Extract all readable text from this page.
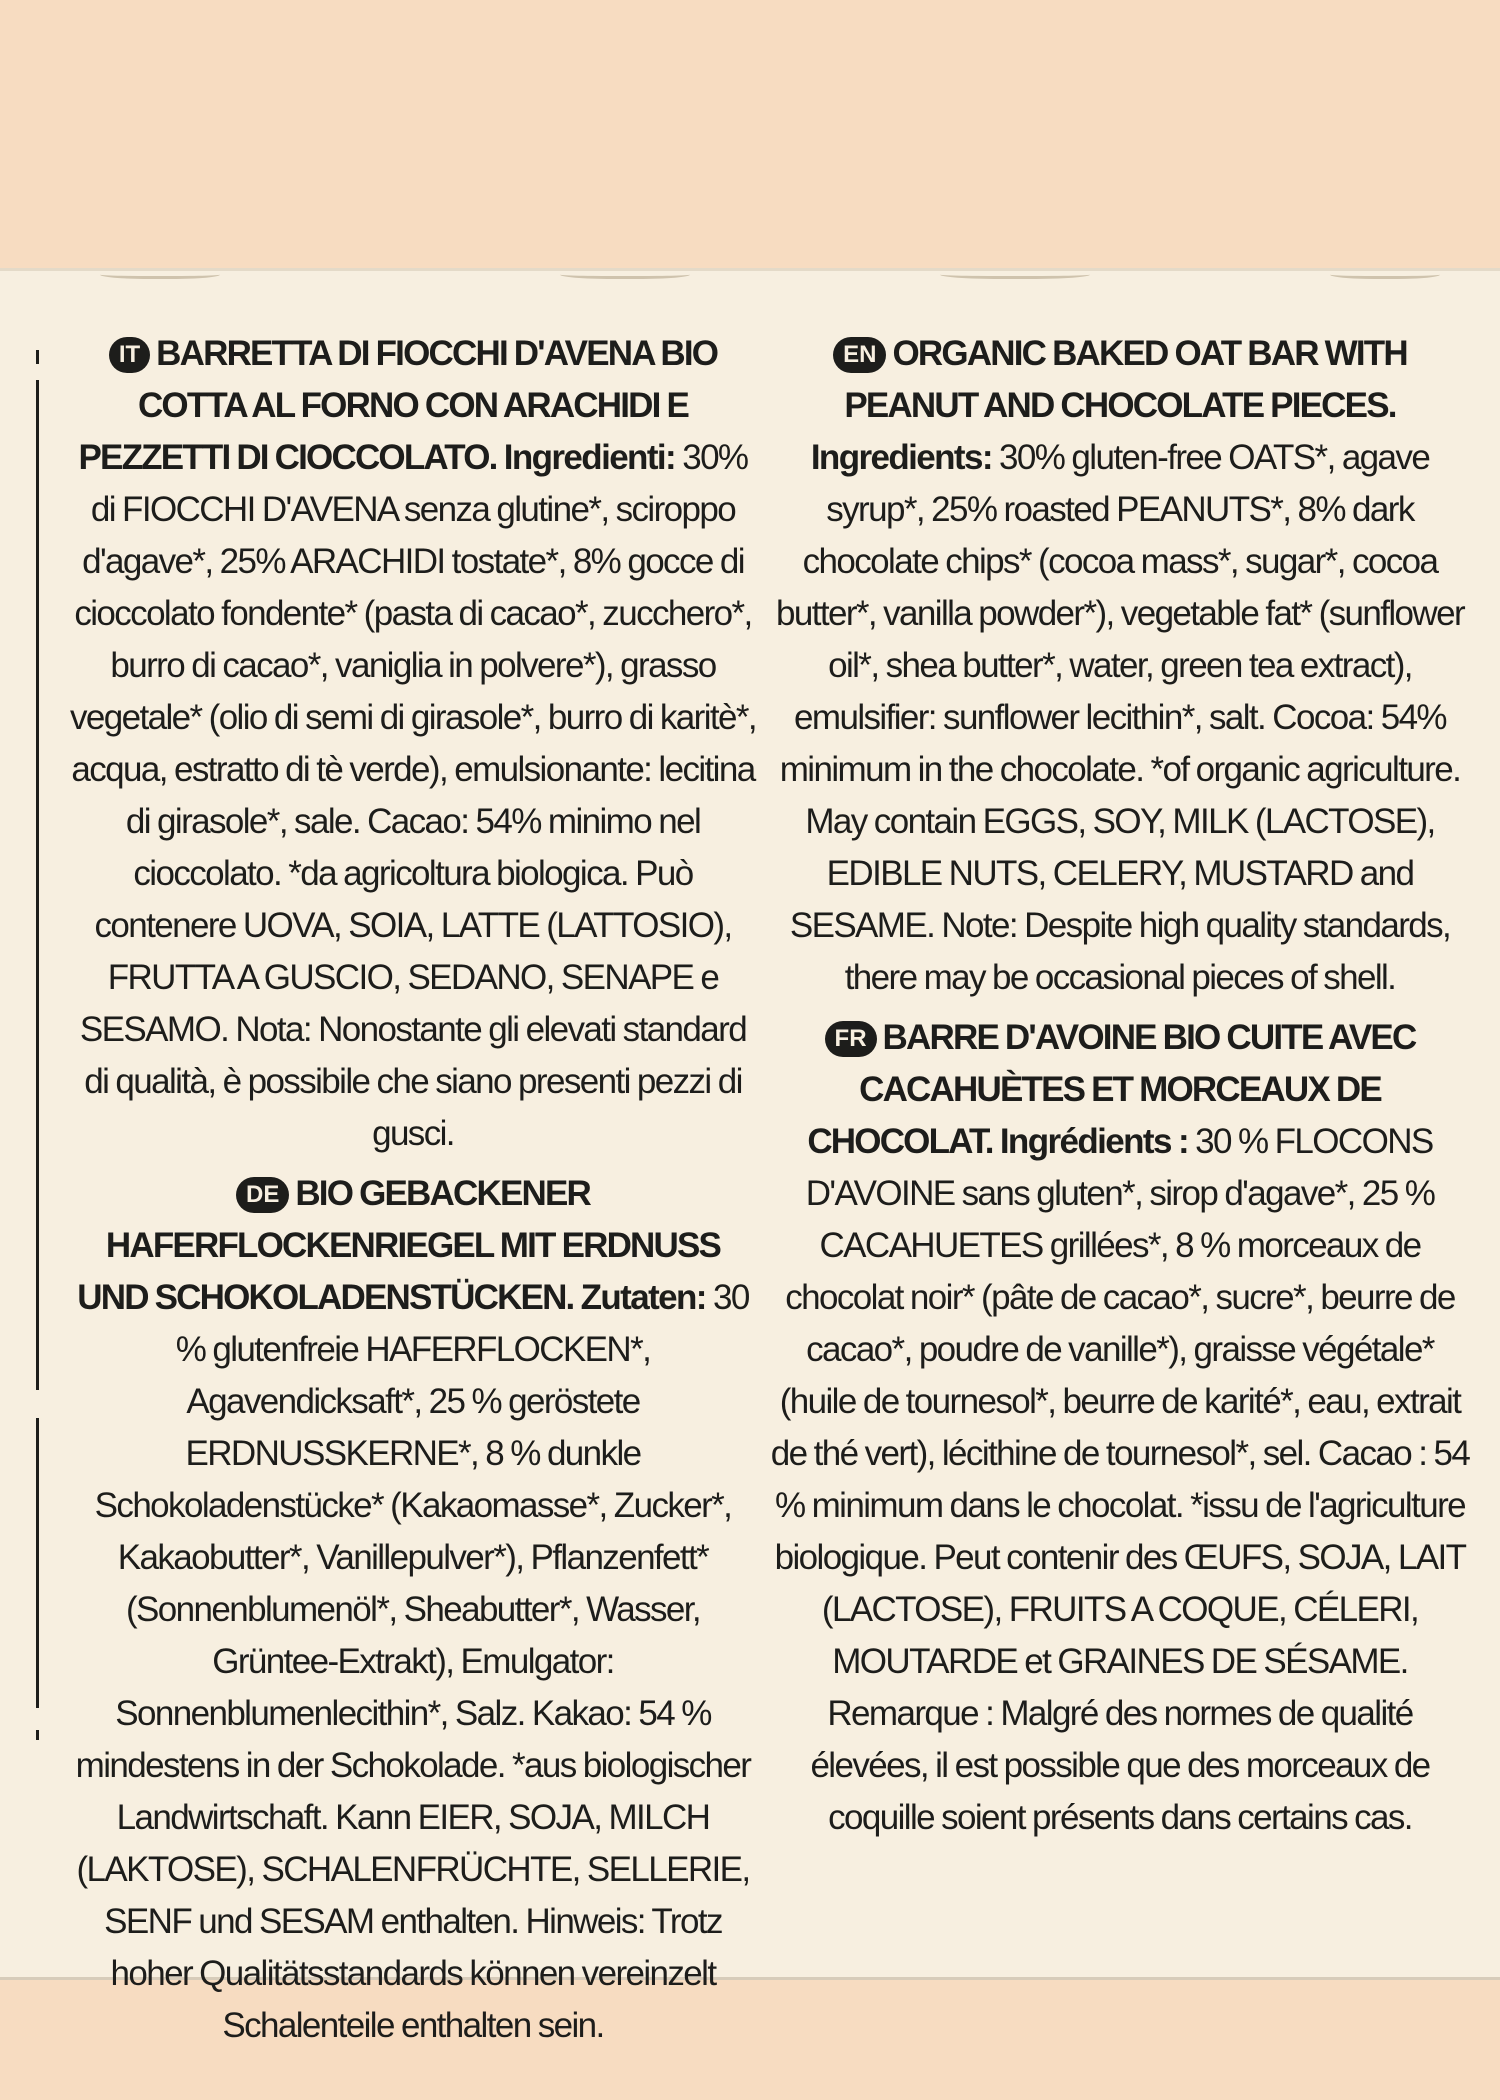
IT BARRETTA DI FIOCCHI D'AVENA BIO COTTA AL FORNO CON ARACHIDI E PEZZETTI DI CIOCCOLATO. Ingredienti: 30% di FIOCCHI D'AVENA senza glutine*, sciroppo d'agave*, 25% ARACHIDI tostate*, 8% gocce di cioccolato fondente* (pasta di cacao*, zucchero*, burro di cacao*, vaniglia in polvere*), grasso vegetale* (olio di semi di girasole*, burro di karitè*, acqua, estratto di tè verde), emulsionante: lecitina di girasole*, sale. Cacao: 54% minimo nel cioccolato. *da agricoltura biologica. Può contenere UOVA, SOIA, LATTE (LATTOSIO), FRUTTA A GUSCIO, SEDANO, SENAPE e SESAMO. Nota: Nonostante gli elevati standard di qualità, è possibile che siano presenti pezzi di gusci.

DE BIO GEBACKENER HAFERFLOCKENRIEGEL MIT ERDNUSS UND SCHOKOLADENSTÜCKEN. Zutaten: 30 % glutenfreie HAFERFLOCKEN*, Agavendicksaft*, 25 % geröstete ERDNUSSKERNE*, 8 % dunkle Schokoladenstücke* (Kakaomasse*, Zucker*, Kakaobutter*, Vanillepulver*), Pflanzenfett* (Sonnenblumenöl*, Sheabutter*, Wasser, Grüntee-Extrakt), Emulgator: Sonnenblumenlecithin*, Salz. Kakao: 54 % mindestens in der Schokolade. *aus biologischer Landwirtschaft. Kann EIER, SOJA, MILCH (LAKTOSE), SCHALENFRÜCHTE, SELLERIE, SENF und SESAM enthalten. Hinweis: Trotz hoher Qualitätsstandards können vereinzelt Schalenteile enthalten sein.

EN ORGANIC BAKED OAT BAR WITH PEANUT AND CHOCOLATE PIECES. Ingredients: 30% gluten-free OATS*, agave syrup*, 25% roasted PEANUTS*, 8% dark chocolate chips* (cocoa mass*, sugar*, cocoa butter*, vanilla powder*), vegetable fat* (sunflower oil*, shea butter*, water, green tea extract), emulsifier: sunflower lecithin*, salt. Cocoa: 54% minimum in the chocolate. *of organic agriculture. May contain EGGS, SOY, MILK (LACTOSE), EDIBLE NUTS, CELERY, MUSTARD and SESAME. Note: Despite high quality standards, there may be occasional pieces of shell.

FR BARRE D'AVOINE BIO CUITE AVEC CACAHUÈTES ET MORCEAUX DE CHOCOLAT. Ingrédients : 30 % FLOCONS D'AVOINE sans gluten*, sirop d'agave*, 25 % CACAHUETES grillées*, 8 % morceaux de chocolat noir* (pâte de cacao*, sucre*, beurre de cacao*, poudre de vanille*), graisse végétale* (huile de tournesol*, beurre de karité*, eau, extrait de thé vert), lécithine de tournesol*, sel. Cacao : 54 % minimum dans le chocolat. *issu de l'agriculture biologique. Peut contenir des ŒUFS, SOJA, LAIT (LACTOSE), FRUITS A COQUE, CÉLERI, MOUTARDE et GRAINES DE SÉSAME. Remarque : Malgré des normes de qualité élevées, il est possible que des morceaux de coquille soient présents dans certains cas.
